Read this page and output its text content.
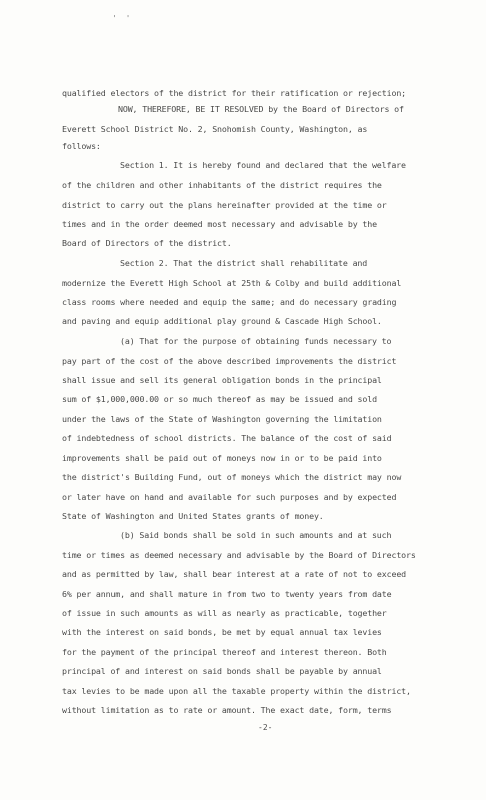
' '
qualified electors of the district for their ratification or rejection;
NOW, THEREFORE, BE IT RESOLVED by the Board of Directors of
Everett School District No. 2, Snohomish County, Washington, as
follows:
Section 1. It is hereby found and declared that the welfare
of the children and other inhabitants of the district requires the
district to carry out the plans hereinafter provided at the time or
times and in the order deemed most necessary and advisable by the
Board of Directors of the district.
Section 2. That the district shall rehabilitate and
modernize the Everett High School at 25th & Colby and build additional
class rooms where needed and equip the same; and do necessary grading
and paving and equip additional play ground & Cascade High School.
(a) That for the purpose of obtaining funds necessary to
pay part of the cost of the above described improvements the district
shall issue and sell its general obligation bonds in the principal
sum of $1,000,000.00 or so much thereof as may be issued and sold
under the laws of the State of Washington governing the limitation
of indebtedness of school districts. The balance of the cost of said
improvements shall be paid out of moneys now in or to be paid into
the district's Building Fund, out of moneys which the district may now
or later have on hand and available for such purposes and by expected
State of Washington and United States grants of money.
(b) Said bonds shall be sold in such amounts and at such
time or times as deemed necessary and advisable by the Board of Directors
and as permitted by law, shall bear interest at a rate of not to exceed
6% per annum, and shall mature in from two to twenty years from date
of issue in such amounts as will as nearly as practicable, together
with the interest on said bonds, be met by equal annual tax levies
for the payment of the principal thereof and interest thereon. Both
principal of and interest on said bonds shall be payable by annual
tax levies to be made upon all the taxable property within the district,
without limitation as to rate or amount. The exact date, form, terms
-2-
